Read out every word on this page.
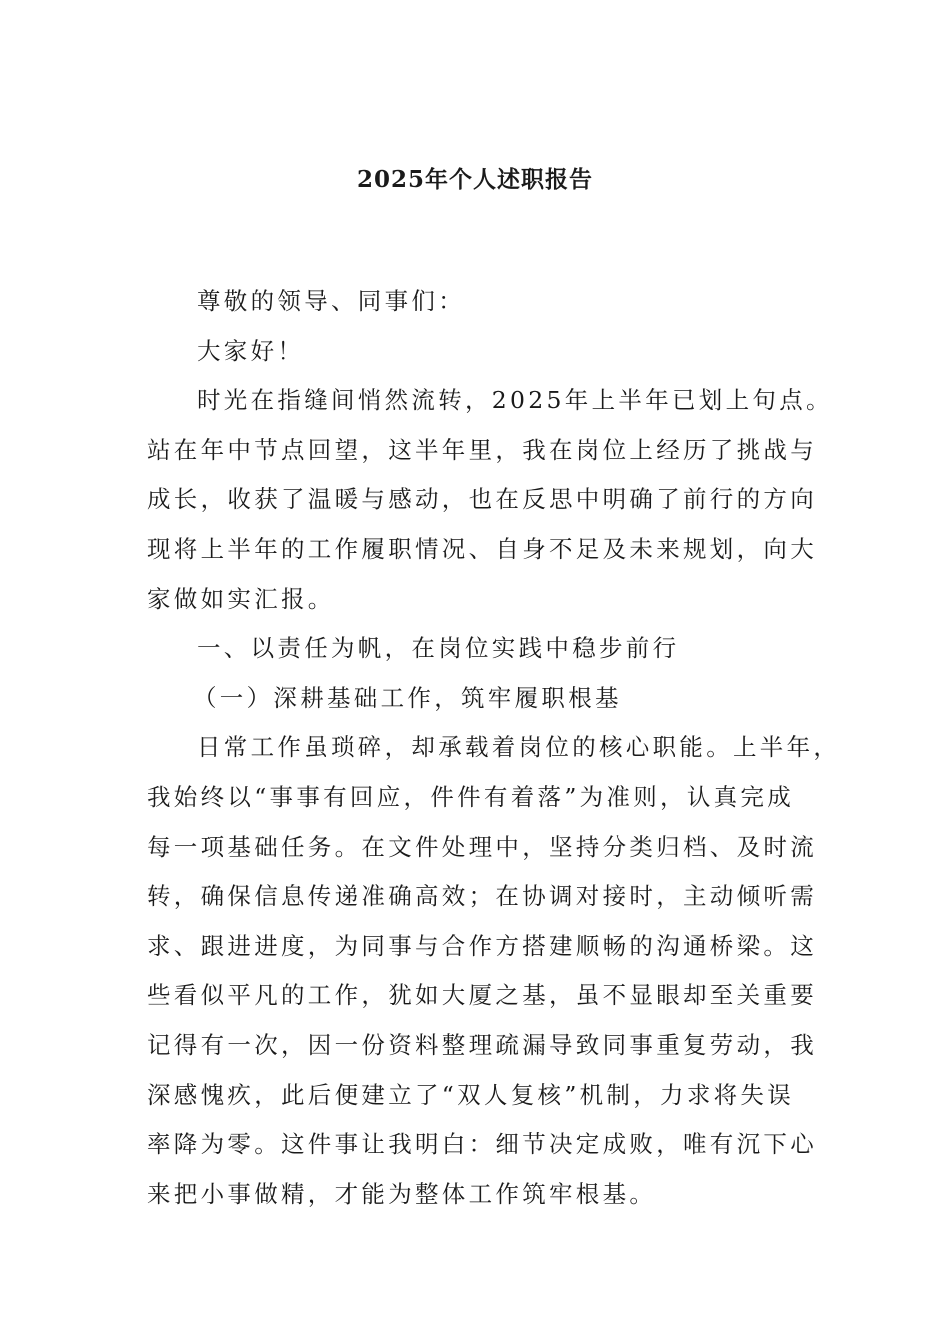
2025年个人述职报告
尊敬的领导、同事们：
大家好！
时光在指缝间悄然流转，2025年上半年已划上句点。
站在年中节点回望，这半年里，我在岗位上经历了挑战与
成长，收获了温暖与感动，也在反思中明确了前行的方向
现将上半年的工作履职情况、自身不足及未来规划，向大
家做如实汇报。
一、以责任为帆，在岗位实践中稳步前行
（一）深耕基础工作，筑牢履职根基
日常工作虽琐碎，却承载着岗位的核心职能。上半年，
我始终以“事事有回应，件件有着落”为准则，认真完成
每一项基础任务。在文件处理中，坚持分类归档、及时流
转，确保信息传递准确高效；在协调对接时，主动倾听需
求、跟进进度，为同事与合作方搭建顺畅的沟通桥梁。这
些看似平凡的工作，犹如大厦之基，虽不显眼却至关重要
记得有一次，因一份资料整理疏漏导致同事重复劳动，我
深感愧疚，此后便建立了“双人复核”机制，力求将失误
率降为零。这件事让我明白：细节决定成败，唯有沉下心
来把小事做精，才能为整体工作筑牢根基。
